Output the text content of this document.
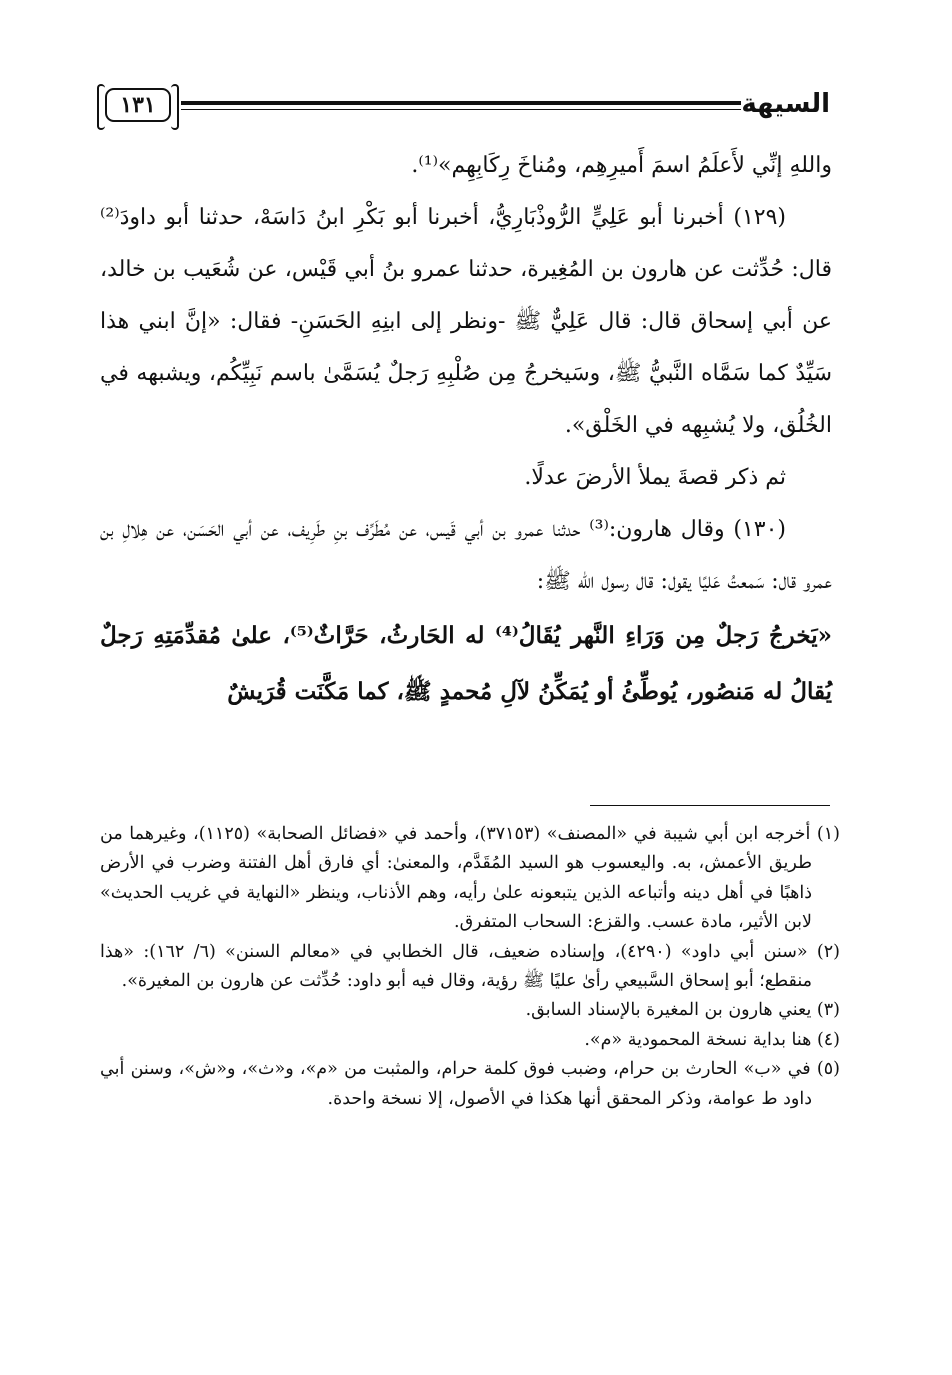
١٣١	السيهة

واللهِ إنِّي لأَعلَمُ اسمَ أَميرِهِم، ومُناخَ رِكَابِهِم»⁽¹⁾.

(١٢٩) أخبرنا أبو عَلِيٍّ الرُّوذْبَارِيُّ، أخبرنا أبو بَكْرِ ابنُ دَاسَهْ، حدثنا أبو داودَ⁽²⁾ قال: حُدِّثت عن هارون بن المُغِيرة، حدثنا عمرو بنُ أبي قَيْس، عن شُعَيب بن خالد، عن أبي إسحاق قال: قال عَلِيٌّ ﷺ -ونظر إلى ابنِهِ الحَسَنِ- فقال: «إنَّ ابني هذا سَيِّدٌ كما سَمَّاه النَّبيُّ ﷺ، وسَيخرجُ مِن صُلْبِهِ رَجلٌ يُسَمَّىٰ باسم نَبِيِّكُم، ويشبهه في الخُلُق، ولا يُشبِهه في الخَلْق».

ثم ذكر قصةَ يملأ الأرضَ عدلًا.

(١٣٠) وقال هارون:⁽³⁾ حدثنا عمرو بن أبي قَيس، عن مُطَرِّف بنِ طَرِيف، عن أبي الحَسَن، عن هِلالِ بن عمرو قال: سَمعتُ عَليًا يقول: قال رسول الله ﷺ:

«يَخرجُ رَجلٌ مِن وَرَاءِ النَّهر يُقَالُ⁽⁴⁾ له الحَارثُ، حَرَّاثٌ⁽⁵⁾، علىٰ مُقدِّمَتِهِ رَجلٌ يُقالُ له مَنصُور، يُوطِّئُ أو يُمَكِّنُ لآلِ مُحمدٍ ﷺ، كما مَكَّنَت قُرَيشٌ

(١) أخرجه ابن أبي شيبة في «المصنف» (٣٧١٥٣)، وأحمد في «فضائل الصحابة» (١١٢٥)، وغيرهما من طريق الأعمش، به. واليعسوب هو السيد المُقَدَّم، والمعنىٰ: أي فارق أهل الفتنة وضرب في الأرض ذاهبًا في أهل دينه وأتباعه الذين يتبعونه علىٰ رأيه، وهم الأذناب، وينظر «النهاية في غريب الحديث» لابن الأثير، مادة عسب. والقزع: السحاب المتفرق.

(٢) «سنن أبي داود» (٤٢٩٠)، وإسناده ضعيف، قال الخطابي في «معالم السنن» (٦/ ١٦٢): «هذا منقطع؛ أبو إسحاق السَّبيعي رأىٰ عليًا ﷺ رؤية، وقال فيه أبو داود: حُدِّثت عن هارون بن المغيرة».

(٣) يعني هارون بن المغيرة بالإسناد السابق.

(٤) هنا بداية نسخة المحمودية «م».

(٥) في «ب» الحارث بن حرام، وضبب فوق كلمة حرام، والمثبت من «م»، و«ث»، و«ش»، وسنن أبي داود ط عوامة، وذكر المحقق أنها هكذا في الأصول، إلا نسخة واحدة.
